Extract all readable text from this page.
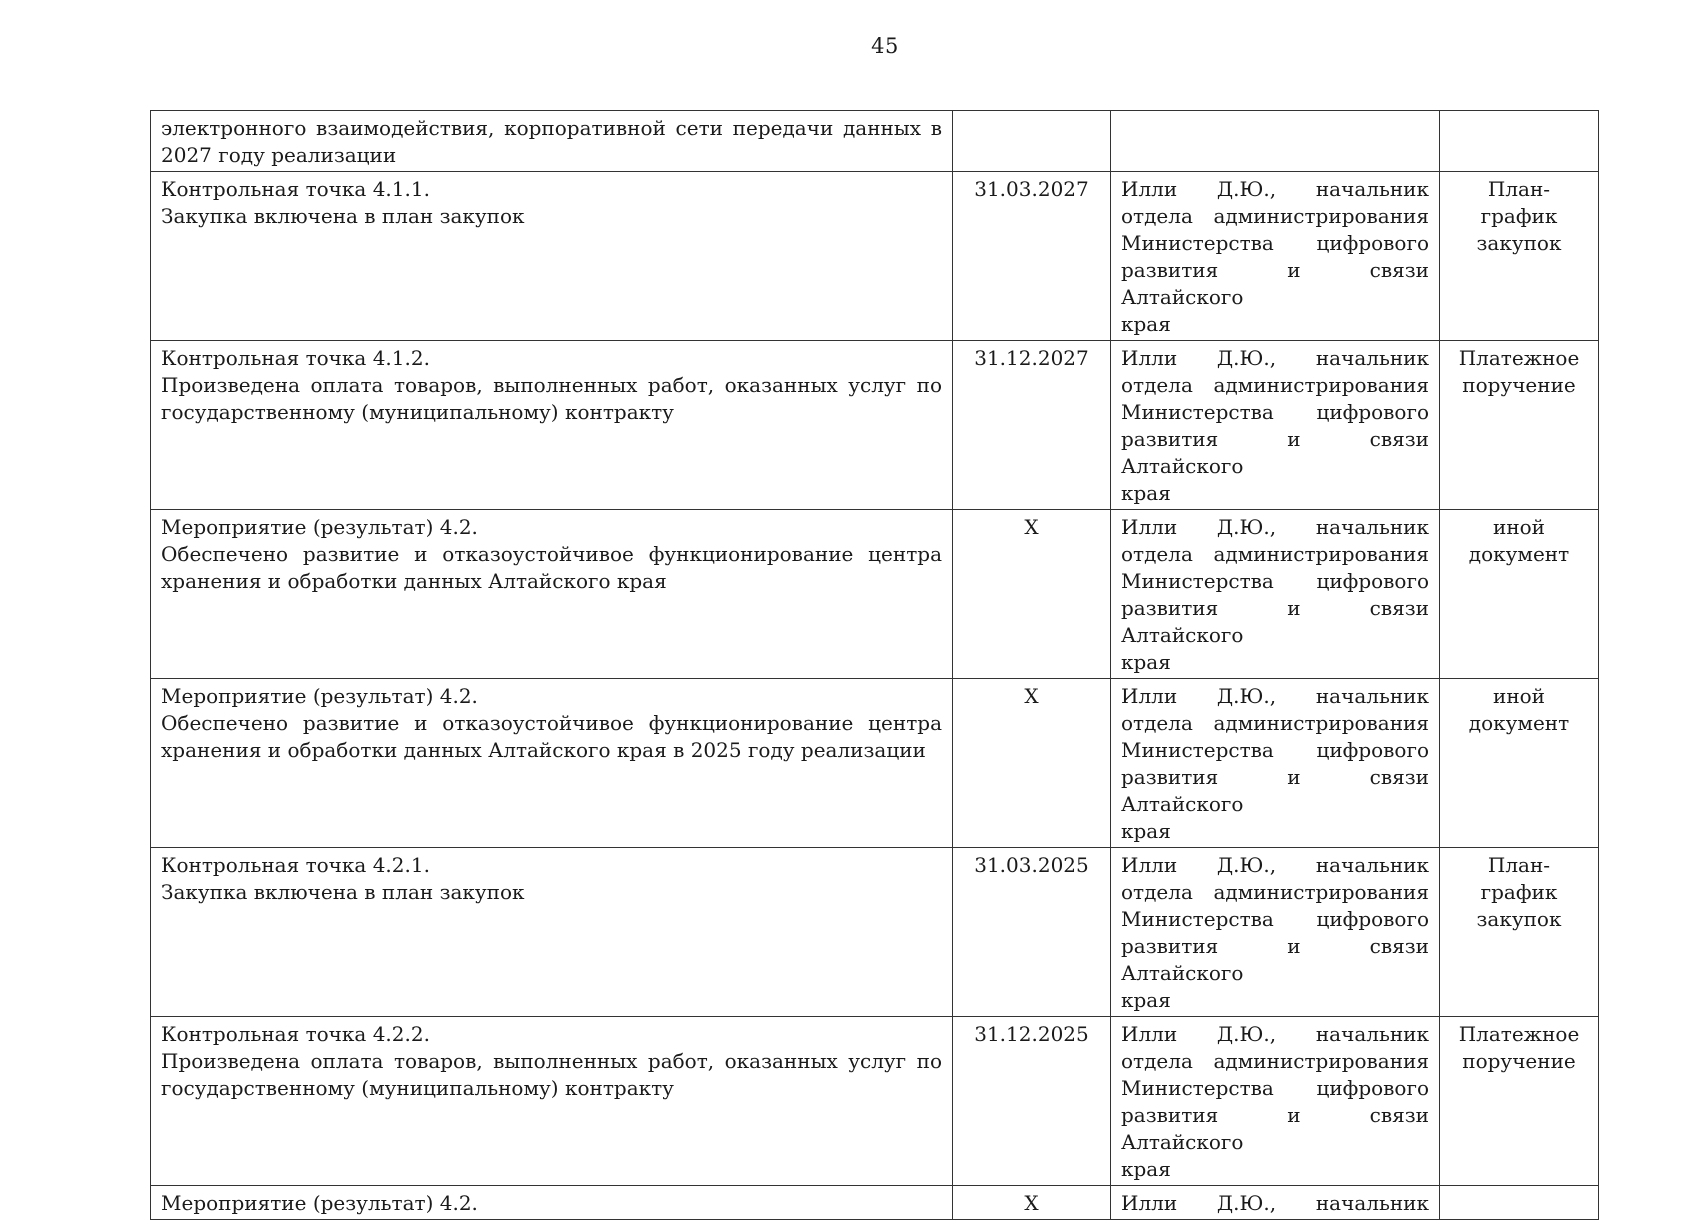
45
электронного взаимодействия, корпоративной сети передачи данных в 2027 году реализации			

Контрольная точка 4.1.1.
Закупка включена в план закупок	31.03.2027	Илли Д.Ю., начальник
отдела администрирования
Министерства цифрового
развития и связи Алтайского
края	План-график закупок

Контрольная точка 4.1.2.
Произведена оплата товаров, выполненных работ, оказанных услуг по государственному (муниципальному) контракту	31.12.2027	Илли Д.Ю., начальник
отдела администрирования
Министерства цифрового
развития и связи Алтайского
края	Платежное поручение

Мероприятие (результат) 4.2.
Обеспечено развитие и отказоустойчивое функционирование центра хранения и обработки данных Алтайского края	Х	Илли Д.Ю., начальник
отдела администрирования
Министерства цифрового
развития и связи Алтайского
края	иной документ

Мероприятие (результат) 4.2.
Обеспечено развитие и отказоустойчивое функционирование центра хранения и обработки данных Алтайского края в 2025 году реализации	Х	Илли Д.Ю., начальник
отдела администрирования
Министерства цифрового
развития и связи Алтайского
края	иной документ

Контрольная точка 4.2.1.
Закупка включена в план закупок	31.03.2025	Илли Д.Ю., начальник
отдела администрирования
Министерства цифрового
развития и связи Алтайского
края	План-график закупок

Контрольная точка 4.2.2.
Произведена оплата товаров, выполненных работ, оказанных услуг по государственному (муниципальному) контракту	31.12.2025	Илли Д.Ю., начальник
отдела администрирования
Министерства цифрового
развития и связи Алтайского
края	Платежное поручение

Мероприятие (результат) 4.2.	Х	Илли Д.Ю., начальник	
